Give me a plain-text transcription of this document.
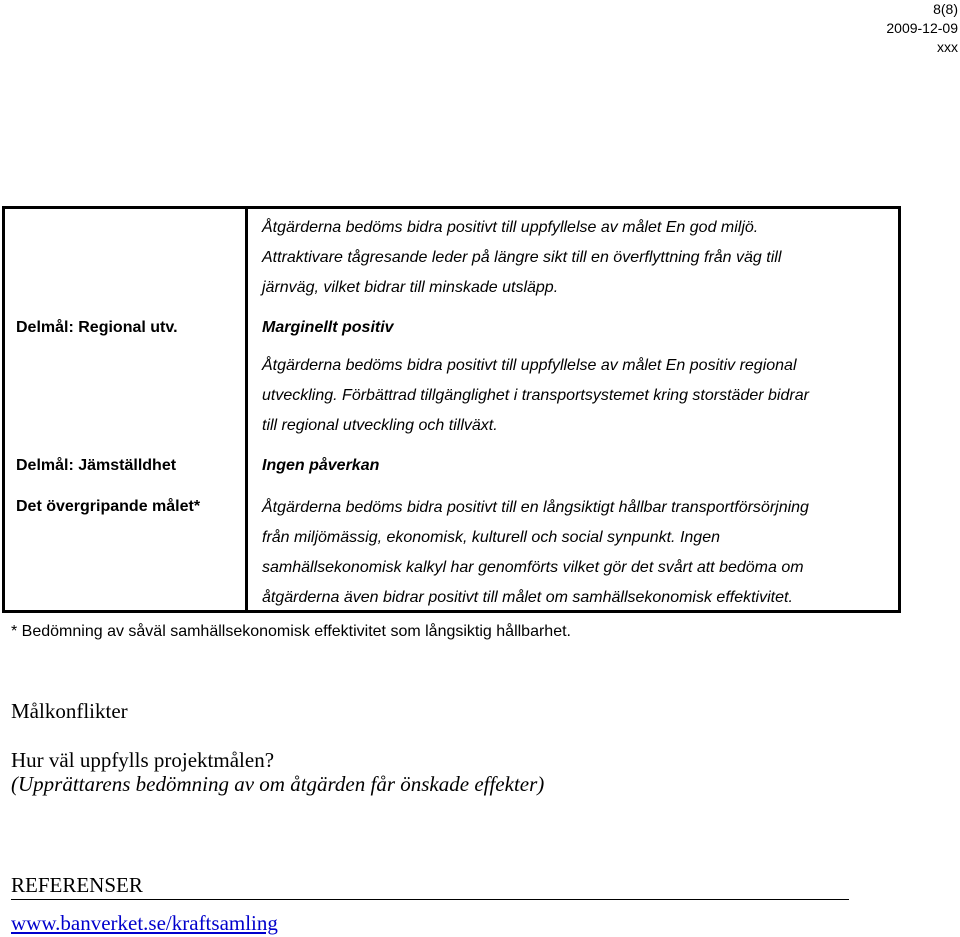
8(8)
2009-12-09
xxx
Åtgärderna bedöms bidra positivt till uppfyllelse av målet En god miljö.
Attraktivare tågresande leder på längre sikt till en överflyttning från väg till
järnväg, vilket bidrar till minskade utsläpp.
Delmål: Regional utv.	Marginellt positiv
Åtgärderna bedöms bidra positivt till uppfyllelse av målet En positiv regional
utveckling. Förbättrad tillgänglighet i transportsystemet kring storstäder bidrar
till regional utveckling och tillväxt.
Delmål: Jämställdhet	Ingen påverkan
Det övergripande målet*	Åtgärderna bedöms bidra positivt till en långsiktigt hållbar transportförsörjning
från miljömässig, ekonomisk, kulturell och social synpunkt. Ingen
samhällsekonomisk kalkyl har genomförts vilket gör det svårt att bedöma om
åtgärderna även bidrar positivt till målet om samhällsekonomisk effektivitet.
* Bedömning av såväl samhällsekonomisk effektivitet som långsiktig hållbarhet.
Målkonflikter
Hur väl uppfylls projektmålen?
(Upprättarens bedömning av om åtgärden får önskade effekter)
REFERENSER
www.banverket.se/kraftsamling
